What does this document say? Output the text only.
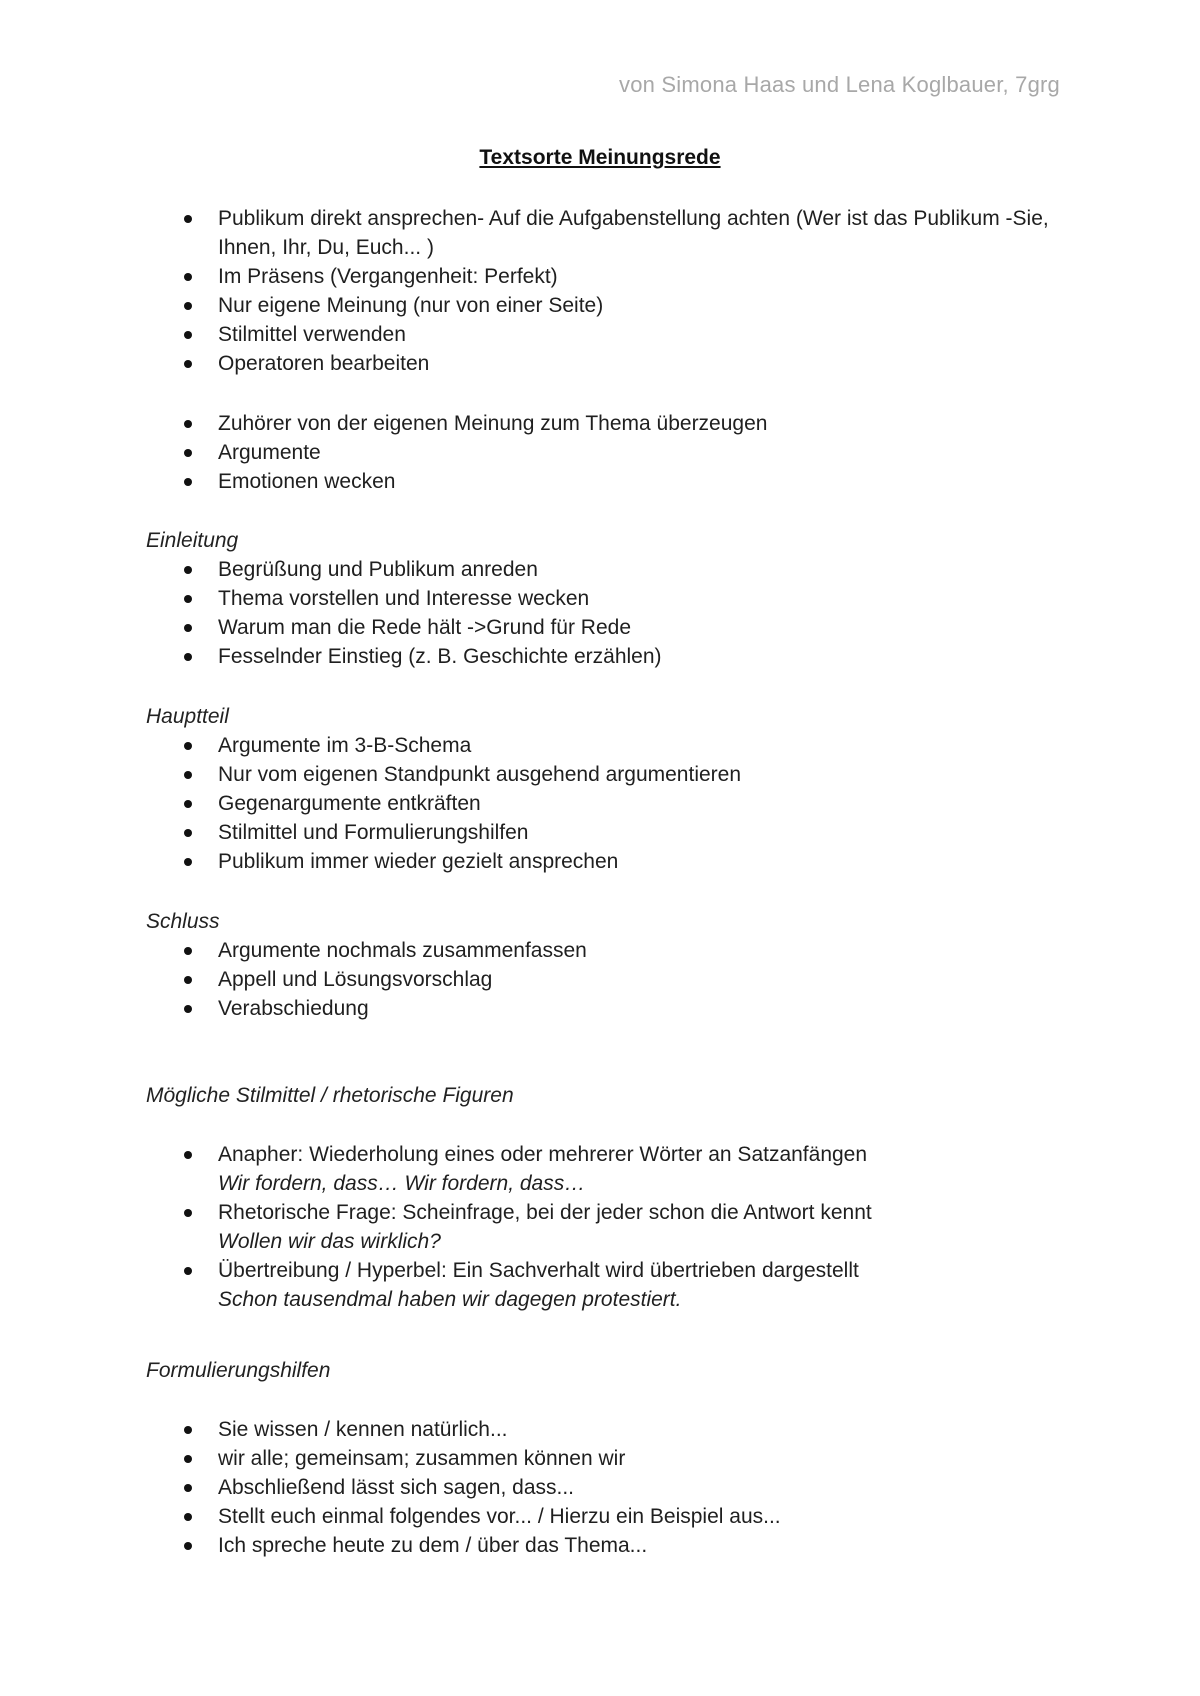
von Simona Haas und Lena Koglbauer, 7grg
Textsorte Meinungsrede
Publikum direkt ansprechen- Auf die Aufgabenstellung achten (Wer ist das Publikum -Sie, Ihnen, Ihr, Du, Euch... )
Im Präsens (Vergangenheit: Perfekt)
Nur eigene Meinung (nur von einer Seite)
Stilmittel verwenden
Operatoren bearbeiten
Zuhörer von der eigenen Meinung zum Thema überzeugen
Argumente
Emotionen wecken
Einleitung
Begrüßung und Publikum anreden
Thema vorstellen und Interesse wecken
Warum man die Rede hält ->Grund für Rede
Fesselnder Einstieg (z. B. Geschichte erzählen)
Hauptteil
Argumente im 3-B-Schema
Nur vom eigenen Standpunkt ausgehend argumentieren
Gegenargumente entkräften
Stilmittel und Formulierungshilfen
Publikum immer wieder gezielt ansprechen
Schluss
Argumente nochmals zusammenfassen
Appell und Lösungsvorschlag
Verabschiedung
Mögliche Stilmittel / rhetorische Figuren
Anapher: Wiederholung eines oder mehrerer Wörter an Satzanfängen
Wir fordern, dass… Wir fordern, dass…
Rhetorische Frage: Scheinfrage, bei der jeder schon die Antwort kennt
Wollen wir das wirklich?
Übertreibung / Hyperbel: Ein Sachverhalt wird übertrieben dargestellt
Schon tausendmal haben wir dagegen protestiert.
Formulierungshilfen
Sie wissen / kennen natürlich...
wir alle; gemeinsam; zusammen können wir
Abschließend lässt sich sagen, dass...
Stellt euch einmal folgendes vor... / Hierzu ein Beispiel aus...
Ich spreche heute zu dem / über das Thema...
